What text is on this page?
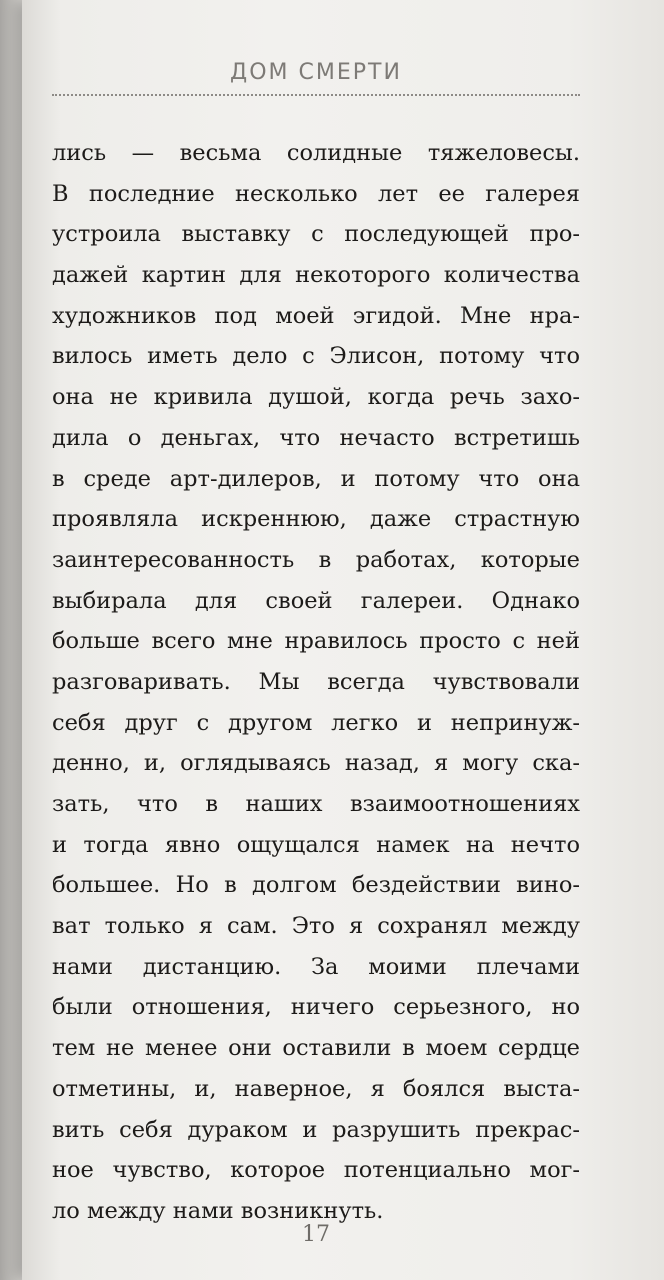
ДОМ СМЕРТИ
лись — весьма солидные тяжеловесы.
В последние несколько лет ее галерея
устроила выставку с последующей про-
дажей картин для некоторого количества
художников под моей эгидой. Мне нра-
вилось иметь дело с Элисон, потому что
она не кривила душой, когда речь захо-
дила о деньгах, что нечасто встретишь
в среде арт-дилеров, и потому что она
проявляла искреннюю, даже страстную
заинтересованность в работах, которые
выбирала для своей галереи. Однако
больше всего мне нравилось просто с ней
разговаривать. Мы всегда чувствовали
себя друг с другом легко и непринуж-
денно, и, оглядываясь назад, я могу ска-
зать, что в наших взаимоотношениях
и тогда явно ощущался намек на нечто
большее. Но в долгом бездействии вино-
ват только я сам. Это я сохранял между
нами дистанцию. За моими плечами
были отношения, ничего серьезного, но
тем не менее они оставили в моем сердце
отметины, и, наверное, я боялся выста-
вить себя дураком и разрушить прекрас-
ное чувство, которое потенциально мог-
ло между нами возникнуть.
17
